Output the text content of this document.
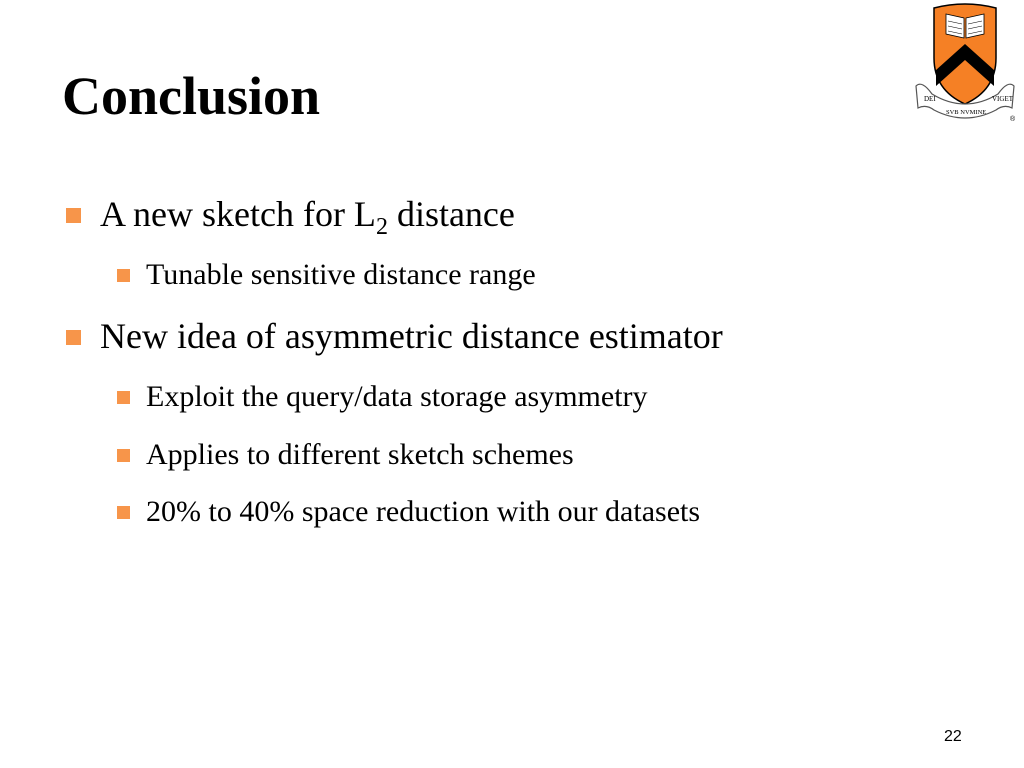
Conclusion	DEI
SVB NVMINE
VIGET
®
A new sketch for $L_2$ distance
Tunable sensitive distance range
New idea of asymmetric distance estimator
Exploit the query/data storage asymmetry
Applies to different sketch schemes
20% to 40% space reduction with our datasets
22
